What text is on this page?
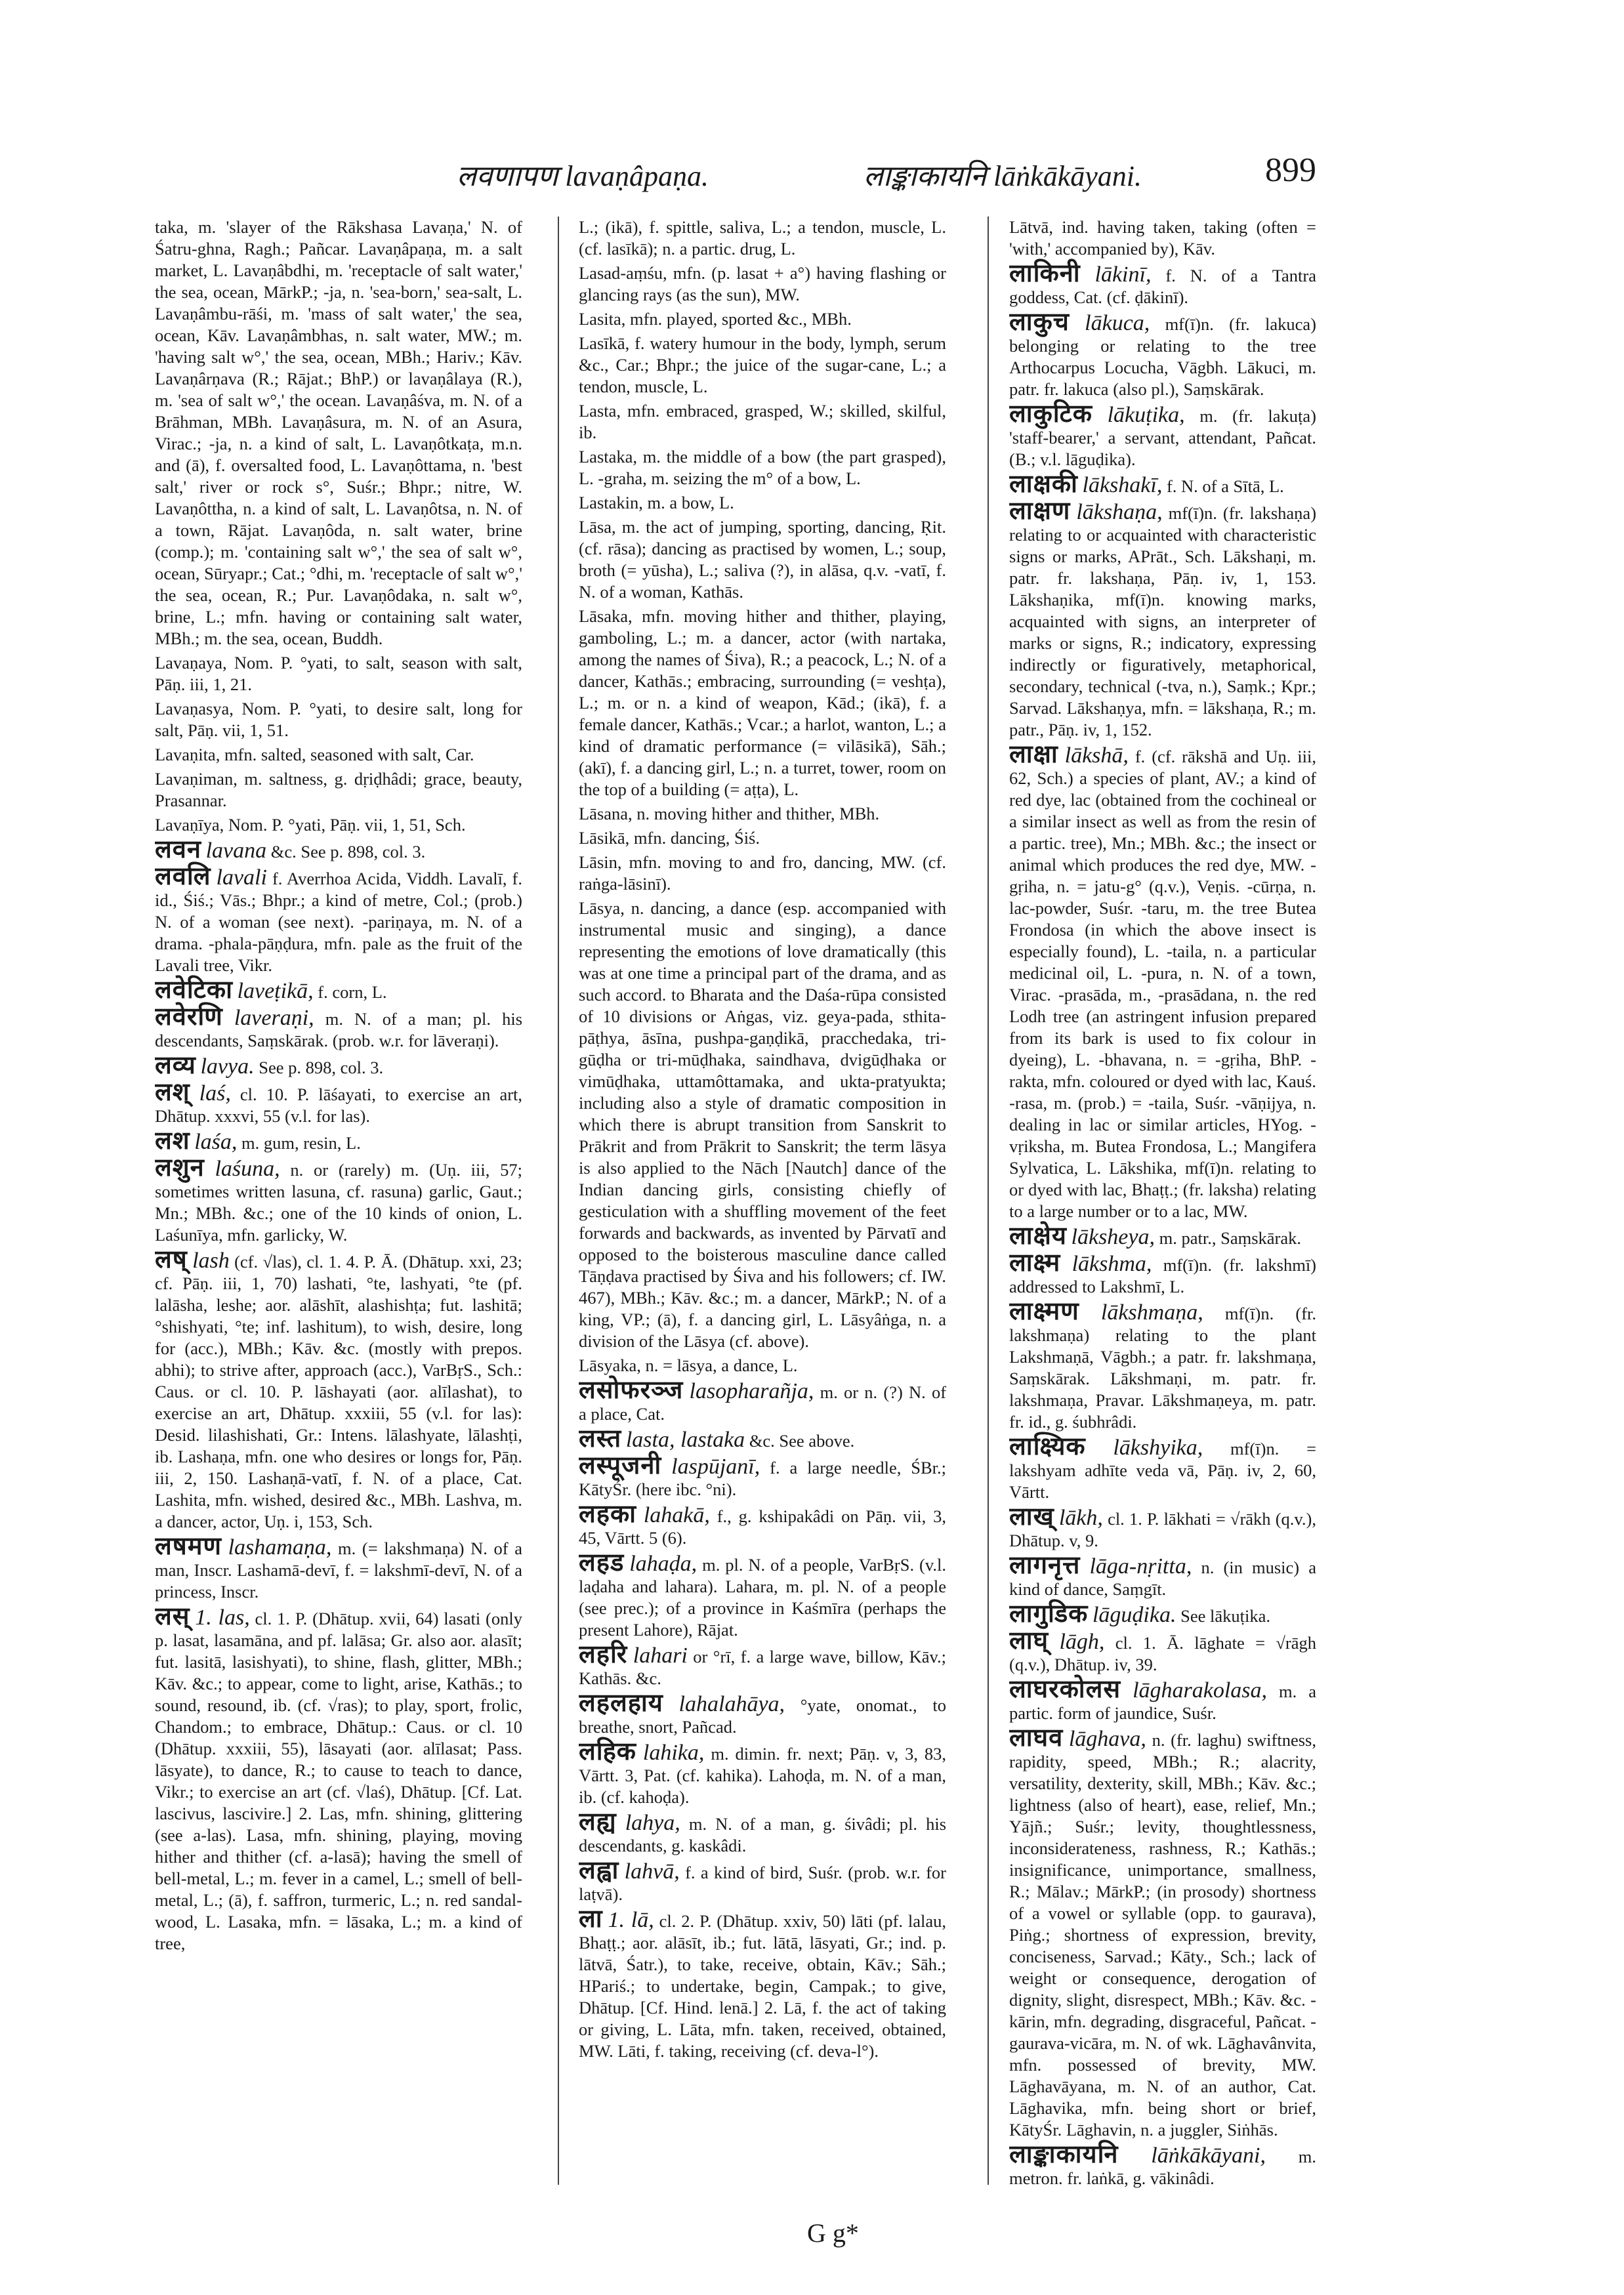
लवणापण lavaṇâpaṇa.	लाङ्काकायनि lāṅkākāyani.	899
taka, m. 'slayer of the Rākshasa Lavaṇa,' N. of Śatru-ghna, Ragh.; Pañcar. Lavaṇâpaṇa, m. a salt market, L. Lavaṇâbdhi, m. 'receptacle of salt water,' the sea, ocean, MārkP.; -ja, n. 'sea-born,' sea-salt, L. Lavaṇâmbu-rāśi, m. 'mass of salt water,' the sea, ocean, Kāv. Lavaṇâmbhas, n. salt water, MW.; m. 'having salt w°,' the sea, ocean, MBh.; Hariv.; Kāv. Lavaṇârṇava (R.; Rājat.; BhP.) or lavaṇâlaya (R.), m. 'sea of salt w°,' the ocean. Lavaṇâśva, m. N. of a Brāhman, MBh. Lavaṇâsura, m. N. of an Asura, Virac.; -ja, n. a kind of salt, L. Lavaṇôtkaṭa, m.n. and (ā), f. oversalted food, L. Lavaṇôttama, n. 'best salt,' river or rock s°, Suśr.; Bhpr.; nitre, W. Lavaṇôttha, n. a kind of salt, L. Lavaṇôtsa, n. N. of a town, Rājat. Lavaṇôda, n. salt water, brine (comp.); m. 'containing salt w°,' the sea of salt w°, ocean, Sūryapr.; Cat.; °dhi, m. 'receptacle of salt w°,' the sea, ocean, R.; Pur. Lavaṇôdaka, n. salt w°, brine, L.; mfn. having or containing salt water, MBh.; m. the sea, ocean, Buddh.
Lavaṇaya, Nom. P. °yati, to salt, season with salt, Pāṇ. iii, 1, 21.
Lavaṇasya, Nom. P. °yati, to desire salt, long for salt, Pāṇ. vii, 1, 51.
Lavaṇita, mfn. salted, seasoned with salt, Car.
Lavaṇiman, m. saltness, g. dṛiḍhâdi; grace, beauty, Prasannar.
Lavaṇīya, Nom. P. °yati, Pāṇ. vii, 1, 51, Sch.
लवन lavana &c. See p. 898, col. 3.
लवलि lavali f. Averrhoa Acida, Viddh. Lavalī, f. id., Śiś.; Vās.; Bhpr.; a kind of metre, Col.; (prob.) N. of a woman (see next). -pariṇaya, m. N. of a drama. -phala-pāṇḍura, mfn. pale as the fruit of the Lavali tree, Vikr.
लवेटिका laveṭikā, f. corn, L.
लवेरणि laveraṇi, m. N. of a man; pl. his descendants, Saṃskārak. (prob. w.r. for lāveraṇi).
लव्य lavya. See p. 898, col. 3.
लश् laś, cl. 10. P. lāśayati, to exercise an art, Dhātup. xxxvi, 55 (v.l. for las).
लश laśa, m. gum, resin, L.
लशुन laśuna, n. or (rarely) m. (Uṇ. iii, 57; sometimes written lasuna, cf. rasuna) garlic, Gaut.; Mn.; MBh. &c.; one of the 10 kinds of onion, L. Laśunīya, mfn. garlicky, W.
लष् lash (cf. √las), cl. 1. 4. P. Ā. (Dhātup. xxi, 23; cf. Pāṇ. iii, 1, 70) lashati, °te, lashyati, °te (pf. lalāsha, leshe; aor. alāshīt, alashishṭa; fut. lashitā; °shishyati, °te; inf. lashitum), to wish, desire, long for (acc.), MBh.; Kāv. &c. (mostly with prepos. abhi); to strive after, approach (acc.), VarBṛS., Sch.: Caus. or cl. 10. P. lāshayati (aor. alīlashat), to exercise an art, Dhātup. xxxiii, 55 (v.l. for las): Desid. lilashishati, Gr.: Intens. lālashyate, lālashṭi, ib. Lashaṇa, mfn. one who desires or longs for, Pāṇ. iii, 2, 150. Lashaṇā-vatī, f. N. of a place, Cat. Lashita, mfn. wished, desired &c., MBh. Lashva, m. a dancer, actor, Uṇ. i, 153, Sch.
लषमण lashamaṇa, m. (= lakshmaṇa) N. of a man, Inscr. Lashamā-devī, f. = lakshmī-devī, N. of a princess, Inscr.
लस् 1. las, cl. 1. P. (Dhātup. xvii, 64) lasati (only p. lasat, lasamāna, and pf. lalāsa; Gr. also aor. alasīt; fut. lasitā, lasishyati), to shine, flash, glitter, MBh.; Kāv. &c.; to appear, come to light, arise, Kathās.; to sound, resound, ib. (cf. √ras); to play, sport, frolic, Chandom.; to embrace, Dhātup.: Caus. or cl. 10 (Dhātup. xxxiii, 55), lāsayati (aor. alīlasat; Pass. lāsyate), to dance, R.; to cause to teach to dance, Vikr.; to exercise an art (cf. √laś), Dhātup. [Cf. Lat. lascivus, lascivire.] 2. Las, mfn. shining, glittering (see a-las). Lasa, mfn. shining, playing, moving hither and thither (cf. a-lasā); having the smell of bell-metal, L.; m. fever in a camel, L.; smell of bell-metal, L.; (ā), f. saffron, turmeric, L.; n. red sandal-wood, L. Lasaka, mfn. = lāsaka, L.; m. a kind of tree,
L.; (ikā), f. spittle, saliva, L.; a tendon, muscle, L. (cf. lasīkā); n. a partic. drug, L.
Lasad-aṃśu, mfn. (p. lasat + a°) having flashing or glancing rays (as the sun), MW.
Lasita, mfn. played, sported &c., MBh.
Lasīkā, f. watery humour in the body, lymph, serum &c., Car.; Bhpr.; the juice of the sugar-cane, L.; a tendon, muscle, L.
Lasta, mfn. embraced, grasped, W.; skilled, skilful, ib.
Lastaka, m. the middle of a bow (the part grasped), L. -graha, m. seizing the m° of a bow, L.
Lastakin, m. a bow, L.
Lāsa, m. the act of jumping, sporting, dancing, Ṛit. (cf. rāsa); dancing as practised by women, L.; soup, broth (= yūsha), L.; saliva (?), in alāsa, q.v. -vatī, f. N. of a woman, Kathās.
Lāsaka, mfn. moving hither and thither, playing, gamboling, L.; m. a dancer, actor (with nartaka, among the names of Śiva), R.; a peacock, L.; N. of a dancer, Kathās.; embracing, surrounding (= veshṭa), L.; m. or n. a kind of weapon, Kād.; (ikā), f. a female dancer, Kathās.; Vcar.; a harlot, wanton, L.; a kind of dramatic performance (= vilāsikā), Sāh.; (akī), f. a dancing girl, L.; n. a turret, tower, room on the top of a building (= aṭṭa), L.
Lāsana, n. moving hither and thither, MBh.
Lāsikā, mfn. dancing, Śiś.
Lāsin, mfn. moving to and fro, dancing, MW. (cf. raṅga-lāsinī).
Lāsya, n. dancing, a dance (esp. accompanied with instrumental music and singing), a dance representing the emotions of love dramatically (this was at one time a principal part of the drama, and as such accord. to Bharata and the Daśa-rūpa consisted of 10 divisions or Aṅgas, viz. geya-pada, sthita-pāṭhya, āsīna, pushpa-gaṇḍikā, pracchedaka, tri-gūḍha or tri-mūḍhaka, saindhava, dvigūḍhaka or vimūḍhaka, uttamôttamaka, and ukta-pratyukta; including also a style of dramatic composition in which there is abrupt transition from Sanskrit to Prākrit and from Prākrit to Sanskrit; the term lāsya is also applied to the Nāch [Nautch] dance of the Indian dancing girls, consisting chiefly of gesticulation with a shuffling movement of the feet forwards and backwards, as invented by Pārvatī and opposed to the boisterous masculine dance called Tāṇḍava practised by Śiva and his followers; cf. IW. 467), MBh.; Kāv. &c.; m. a dancer, MārkP.; N. of a king, VP.; (ā), f. a dancing girl, L. Lāsyâṅga, n. a division of the Lāsya (cf. above).
Lāsyaka, n. = lāsya, a dance, L.
लसोफरञ्ज lasopharañja, m. or n. (?) N. of a place, Cat.
लस्त lasta, lastaka &c. See above.
लस्पूजनी laspūjanī, f. a large needle, ŚBr.; KātyŚr. (here ibc. °ni).
लहका lahakā, f., g. kshipakâdi on Pāṇ. vii, 3, 45, Vārtt. 5 (6).
लहड lahaḍa, m. pl. N. of a people, VarBṛS. (v.l. laḍaha and lahara). Lahara, m. pl. N. of a people (see prec.); of a province in Kaśmīra (perhaps the present Lahore), Rājat.
लहरि lahari or °rī, f. a large wave, billow, Kāv.; Kathās. &c.
लहलहाय lahalahāya, °yate, onomat., to breathe, snort, Pañcad.
लहिक lahika, m. dimin. fr. next; Pāṇ. v, 3, 83, Vārtt. 3, Pat. (cf. kahika). Lahoḍa, m. N. of a man, ib. (cf. kahoḍa).
लह्य lahya, m. N. of a man, g. śivâdi; pl. his descendants, g. kaskâdi.
लह्वा lahvā, f. a kind of bird, Suśr. (prob. w.r. for laṭvā).
ला 1. lā, cl. 2. P. (Dhātup. xxiv, 50) lāti (pf. lalau, Bhaṭṭ.; aor. alāsīt, ib.; fut. lātā, lāsyati, Gr.; ind. p. lātvā, Śatr.), to take, receive, obtain, Kāv.; Sāh.; HPariś.; to undertake, begin, Campak.; to give, Dhātup. [Cf. Hind. lenā.] 2. Lā, f. the act of taking or giving, L. Lāta, mfn. taken, received, obtained, MW. Lāti, f. taking, receiving (cf. deva-l°).
Lātvā, ind. having taken, taking (often = 'with,' accompanied by), Kāv.
लाकिनी lākinī, f. N. of a Tantra goddess, Cat. (cf. ḍākinī).
लाकुच lākuca, mf(ī)n. (fr. lakuca) belonging or relating to the tree Arthocarpus Locucha, Vāgbh. Lākuci, m. patr. fr. lakuca (also pl.), Saṃskārak.
लाकुटिक lākuṭika, m. (fr. lakuṭa) 'staff-bearer,' a servant, attendant, Pañcat. (B.; v.l. lāguḍika).
लाक्षकी lākshakī, f. N. of a Sītā, L.
लाक्षण lākshaṇa, mf(ī)n. (fr. lakshaṇa) relating to or acquainted with characteristic signs or marks, APrāt., Sch. Lākshaṇi, m. patr. fr. lakshaṇa, Pāṇ. iv, 1, 153. Lākshaṇika, mf(ī)n. knowing marks, acquainted with signs, an interpreter of marks or signs, R.; indicatory, expressing indirectly or figuratively, metaphorical, secondary, technical (-tva, n.), Saṃk.; Kpr.; Sarvad. Lākshaṇya, mfn. = lākshaṇa, R.; m. patr., Pāṇ. iv, 1, 152.
लाक्षा lākshā, f. (cf. rākshā and Uṇ. iii, 62, Sch.) a species of plant, AV.; a kind of red dye, lac (obtained from the cochineal or a similar insect as well as from the resin of a partic. tree), Mn.; MBh. &c.; the insect or animal which produces the red dye, MW. -gṛiha, n. = jatu-g° (q.v.), Veṇis. -cūrṇa, n. lac-powder, Suśr. -taru, m. the tree Butea Frondosa (in which the above insect is especially found), L. -taila, n. a particular medicinal oil, L. -pura, n. N. of a town, Virac. -prasāda, m., -prasādana, n. the red Lodh tree (an astringent infusion prepared from its bark is used to fix colour in dyeing), L. -bhavana, n. = -gṛiha, BhP. -rakta, mfn. coloured or dyed with lac, Kauś. -rasa, m. (prob.) = -taila, Suśr. -vāṇijya, n. dealing in lac or similar articles, HYog. -vṛiksha, m. Butea Frondosa, L.; Mangifera Sylvatica, L. Lākshika, mf(ī)n. relating to or dyed with lac, Bhaṭṭ.; (fr. laksha) relating to a large number or to a lac, MW.
लाक्षेय lāksheya, m. patr., Saṃskārak.
लाक्ष्म lākshma, mf(ī)n. (fr. lakshmī) addressed to Lakshmī, L.
लाक्ष्मण lākshmaṇa, mf(ī)n. (fr. lakshmaṇa) relating to the plant Lakshmaṇā, Vāgbh.; a patr. fr. lakshmaṇa, Saṃskārak. Lākshmaṇi, m. patr. fr. lakshmaṇa, Pravar. Lākshmaṇeya, m. patr. fr. id., g. śubhrâdi.
लाक्ष्यिक lākshyika, mf(ī)n. = lakshyam adhīte veda vā, Pāṇ. iv, 2, 60, Vārtt.
लाख् lākh, cl. 1. P. lākhati = √rākh (q.v.), Dhātup. v, 9.
लागनृत्त lāga-nṛitta, n. (in music) a kind of dance, Saṃgīt.
लागुडिक lāguḍika. See lākuṭika.
लाघ् lāgh, cl. 1. Ā. lāghate = √rāgh (q.v.), Dhātup. iv, 39.
लाघरकोलस lāgharakolasa, m. a partic. form of jaundice, Suśr.
लाघव lāghava, n. (fr. laghu) swiftness, rapidity, speed, MBh.; R.; alacrity, versatility, dexterity, skill, MBh.; Kāv. &c.; lightness (also of heart), ease, relief, Mn.; Yājñ.; Suśr.; levity, thoughtlessness, inconsiderateness, rashness, R.; Kathās.; insignificance, unimportance, smallness, R.; Mālav.; MārkP.; (in prosody) shortness of a vowel or syllable (opp. to gaurava), Piṅg.; shortness of expression, brevity, conciseness, Sarvad.; Kāty., Sch.; lack of weight or consequence, derogation of dignity, slight, disrespect, MBh.; Kāv. &c. -kārin, mfn. degrading, disgraceful, Pañcat. -gaurava-vicāra, m. N. of wk. Lāghavânvita, mfn. possessed of brevity, MW. Lāghavāyana, m. N. of an author, Cat. Lāghavika, mfn. being short or brief, KātyŚr. Lāghavin, n. a juggler, Siṅhās.
लाङ्काकायनि lāṅkākāyani, m. metron. fr. laṅkā, g. vākinâdi.
G g*
